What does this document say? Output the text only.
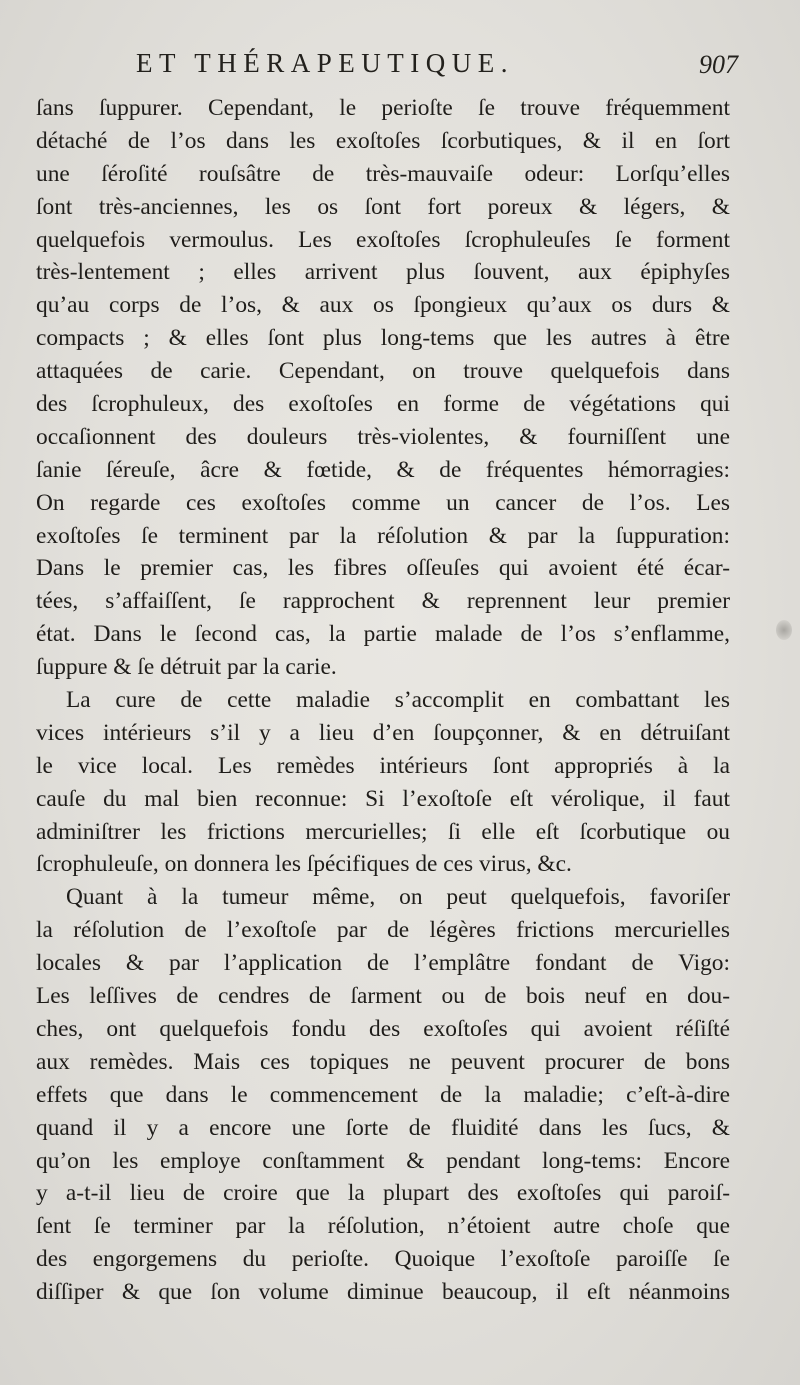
ET THÉRAPEUTIQUE.	907
ſans ſuppurer. Cependant, le perioſte ſe trouve fréquemment
détaché de l’os dans les exoſtoſes ſcorbutiques, & il en ſort
une ſéroſité rouſsâtre de très-mauvaiſe odeur: Lorſqu’elles
ſont très-anciennes, les os ſont fort poreux & légers, &
quelquefois vermoulus. Les exoſtoſes ſcrophuleuſes ſe forment
très-lentement ; elles arrivent plus ſouvent, aux épiphyſes
qu’au corps de l’os, & aux os ſpongieux qu’aux os durs &
compacts ; & elles ſont plus long-tems que les autres à être
attaquées de carie. Cependant, on trouve quelquefois dans
des ſcrophuleux, des exoſtoſes en forme de végétations qui
occaſionnent des douleurs très-violentes, & fourniſſent une
ſanie ſéreuſe, âcre & fœtide, & de fréquentes hémorragies:
On regarde ces exoſtoſes comme un cancer de l’os. Les
exoſtoſes ſe terminent par la réſolution & par la ſuppuration:
Dans le premier cas, les fibres oſſeuſes qui avoient été écar-
tées, s’affaiſſent, ſe rapprochent & reprennent leur premier
état. Dans le ſecond cas, la partie malade de l’os s’enflamme,
ſuppure & ſe détruit par la carie.
La cure de cette maladie s’accomplit en combattant les
vices intérieurs s’il y a lieu d’en ſoupçonner, & en détruiſant
le vice local. Les remèdes intérieurs ſont appropriés à la
cauſe du mal bien reconnue: Si l’exoſtoſe eſt vérolique, il faut
adminiſtrer les frictions mercurielles; ſi elle eſt ſcorbutique ou
ſcrophuleuſe, on donnera les ſpécifiques de ces virus, &c.
Quant à la tumeur même, on peut quelquefois, favoriſer
la réſolution de l’exoſtoſe par de légères frictions mercurielles
locales & par l’application de l’emplâtre fondant de Vigo:
Les leſſives de cendres de ſarment ou de bois neuf en dou-
ches, ont quelquefois fondu des exoſtoſes qui avoient réſiſté
aux remèdes. Mais ces topiques ne peuvent procurer de bons
effets que dans le commencement de la maladie; c’eſt-à-dire
quand il y a encore une ſorte de fluidité dans les ſucs, &
qu’on les employe conſtamment & pendant long-tems: Encore
y a-t-il lieu de croire que la plupart des exoſtoſes qui paroiſ-
ſent ſe terminer par la réſolution, n’étoient autre choſe que
des engorgemens du perioſte. Quoique l’exoſtoſe paroiſſe ſe
diſſiper & que ſon volume diminue beaucoup, il eſt néanmoins
